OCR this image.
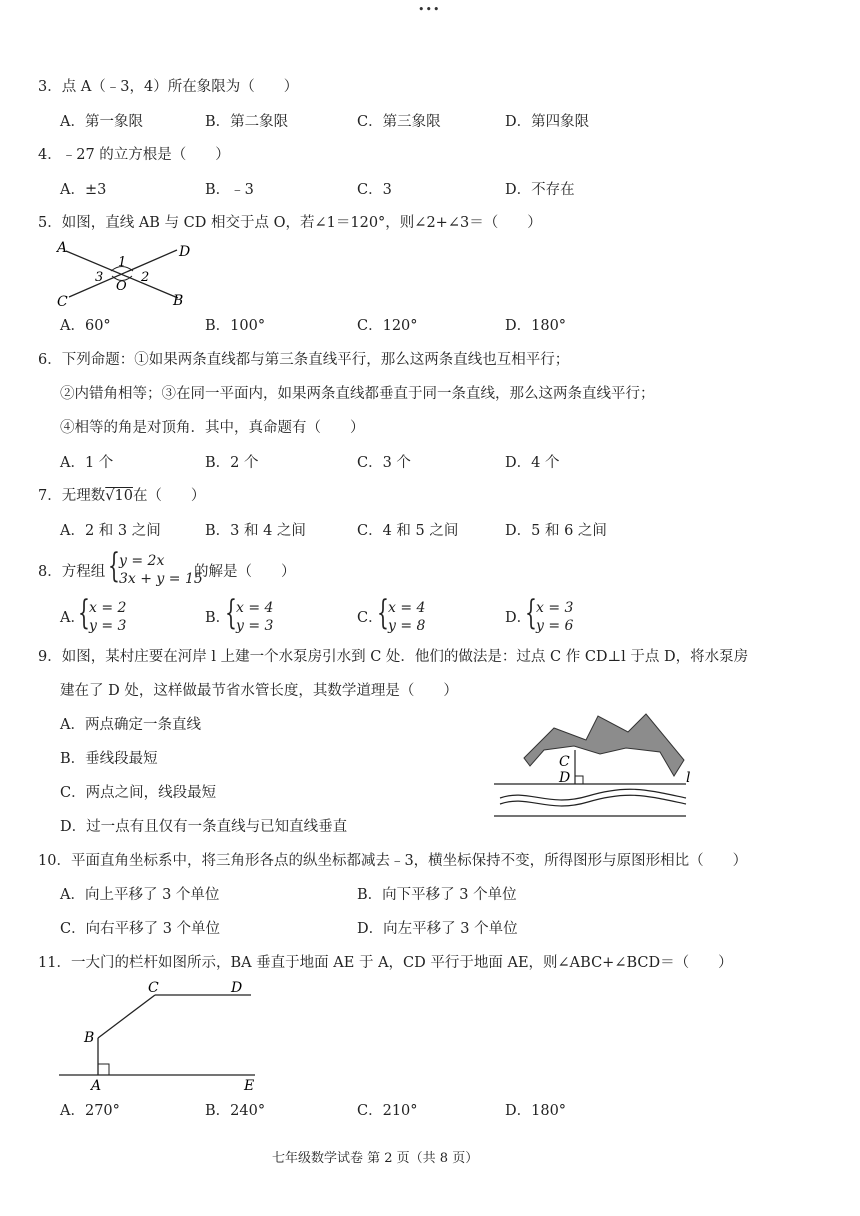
•••
3．点 A（﹣3，4）所在象限为（　　）
A．第一象限	B．第二象限	C．第三象限	D．第四象限
4．﹣27 的立方根是（　　）
A．±3	B．﹣3	C．3	D．不存在
5．如图，直线 AB 与 CD 相交于点 O，若∠1＝120°，则∠2+∠3＝（　　）
A	D
C	B
O
1
2
3
A．60°	B．100°	C．120°	D．180°
6．下列命题：①如果两条直线都与第三条直线平行，那么这两条直线也互相平行；
②内错角相等；③在同一平面内，如果两条直线都垂直于同一条直线，那么这两条直线平行；
④相等的角是对顶角．其中，真命题有（　　）
A．1 个	B．2 个	C．3 个	D．4 个
7．无理数√10在（　　）
A．2 和 3 之间	B．3 和 4 之间	C．4 和 5 之间	D．5 和 6 之间
8．方程组 { y = 2x
3x + y = 15
的解是（　　）
A．
{ x = 2
y = 3	B．
{ x = 4
y = 3	C．
{ x = 4
y = 8	D．
{ x = 3
y = 6
9．如图，某村庄要在河岸 l 上建一个水泵房引水到 C 处．他们的做法是：过点 C 作 CD⊥l 于点 D，将水泵房
建在了 D 处，这样做最节省水管长度，其数学道理是（　　）
A．两点确定一条直线
B．垂线段最短
C．两点之间，线段最短
D．过一点有且仅有一条直线与已知直线垂直
C
D	l
10．平面直角坐标系中，将三角形各点的纵坐标都减去﹣3，横坐标保持不变，所得图形与原图形相比（　　）
A．向上平移了 3 个单位	B．向下平移了 3 个单位
C．向右平移了 3 个单位	D．向左平移了 3 个单位
11．一大门的栏杆如图所示，BA 垂直于地面 AE 于 A，CD 平行于地面 AE，则∠ABC+∠BCD＝（　　）
C	D
B
A	E
A．270°	B．240°	C．210°	D．180°
七年级数学试卷 第 2 页（共 8 页）
